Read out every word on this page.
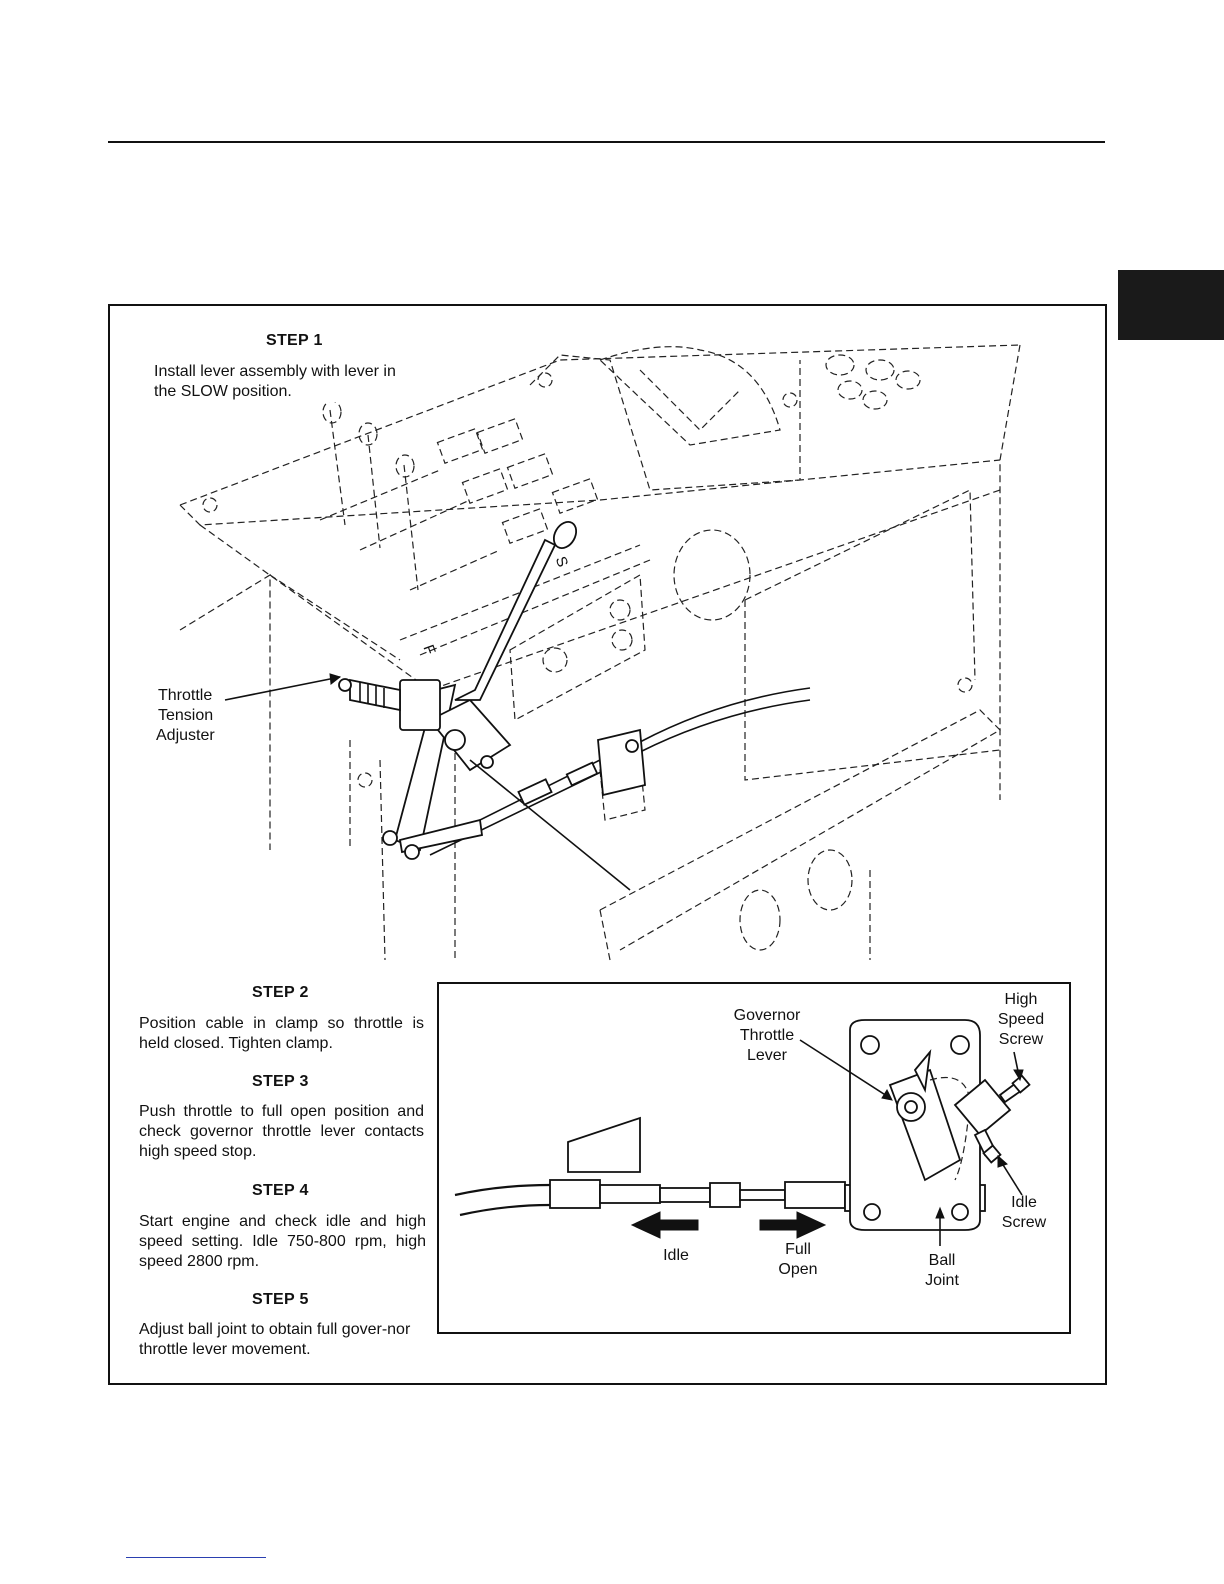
STEP 1
Install lever assembly with lever in
the SLOW position.
S
F
Throttle
Tension
Adjuster
STEP 2
Position cable in clamp so throttle is held closed. Tighten clamp.
STEP 3
Push throttle to full open position and check governor throttle lever contacts high speed stop.
STEP 4
Start engine and check idle and high speed setting. Idle 750-800 rpm, high speed 2800 rpm.
STEP 5
Adjust ball joint to obtain full gover-nor throttle lever movement.
Governor
Throttle
Lever
High
Speed
Screw
Idle
Screw
Idle	Full
Open
Ball
Joint
